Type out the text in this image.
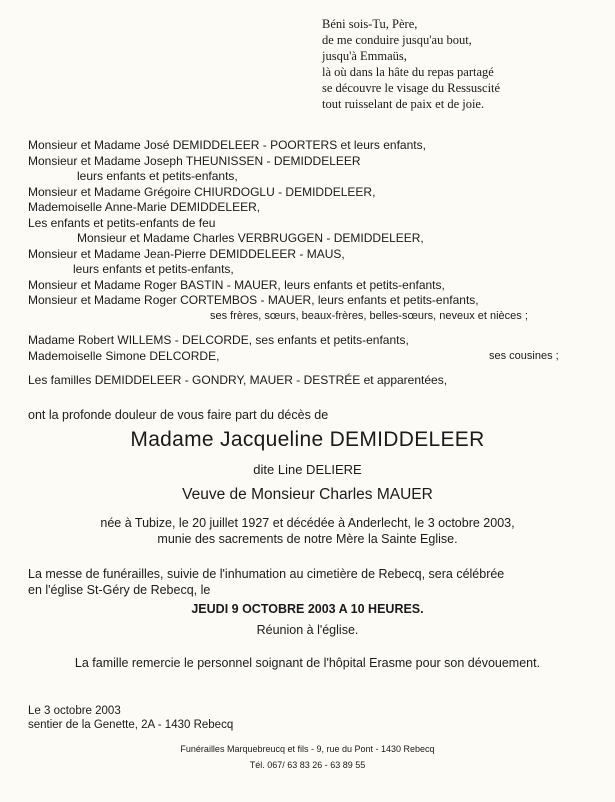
Béni sois-Tu, Père,
de me conduire jusqu'au bout,
jusqu'à Emmaüs,
là où dans la hâte du repas partagé
se découvre le visage du Ressuscité
tout ruisselant de paix et de joie.
Monsieur et Madame José DEMIDDELEER - POORTERS et leurs enfants,
Monsieur et Madame Joseph THEUNISSEN - DEMIDDELEER
leurs enfants et petits-enfants,
Monsieur et Madame Grégoire CHIURDOGLU - DEMIDDELEER,
Mademoiselle Anne-Marie DEMIDDELEER,
Les enfants et petits-enfants de feu
Monsieur et Madame Charles VERBRUGGEN - DEMIDDELEER,
Monsieur et Madame Jean-Pierre DEMIDDELEER - MAUS,
leurs enfants et petits-enfants,
Monsieur et Madame Roger BASTIN - MAUER, leurs enfants et petits-enfants,
Monsieur et Madame Roger CORTEMBOS - MAUER, leurs enfants et petits-enfants,
ses frères, sœurs, beaux-frères, belles-sœurs, neveux et nièces ;
Madame Robert WILLEMS - DELCORDE, ses enfants et petits-enfants,
Mademoiselle Simone DELCORDE,	ses cousines ;
Les familles DEMIDDELEER - GONDRY, MAUER - DESTRÉE et apparentées,
ont la profonde douleur de vous faire part du décès de
Madame Jacqueline DEMIDDELEER
dite Line DELIERE
Veuve de Monsieur Charles MAUER
née à Tubize, le 20 juillet 1927 et décédée à Anderlecht, le 3 octobre 2003,
munie des sacrements de notre Mère la Sainte Eglise.
La messe de funérailles, suivie de l'inhumation au cimetière de Rebecq, sera célébrée
en l'église St-Géry de Rebecq, le
JEUDI 9 OCTOBRE 2003 A 10 HEURES.
Réunion à l'église.
La famille remercie le personnel soignant de l'hôpital Erasme pour son dévouement.
Le 3 octobre 2003
sentier de la Genette, 2A - 1430 Rebecq
Funérailles Marquebreucq et fils - 9, rue du Pont - 1430 Rebecq
Tél. 067/ 63 83 26 - 63 89 55
